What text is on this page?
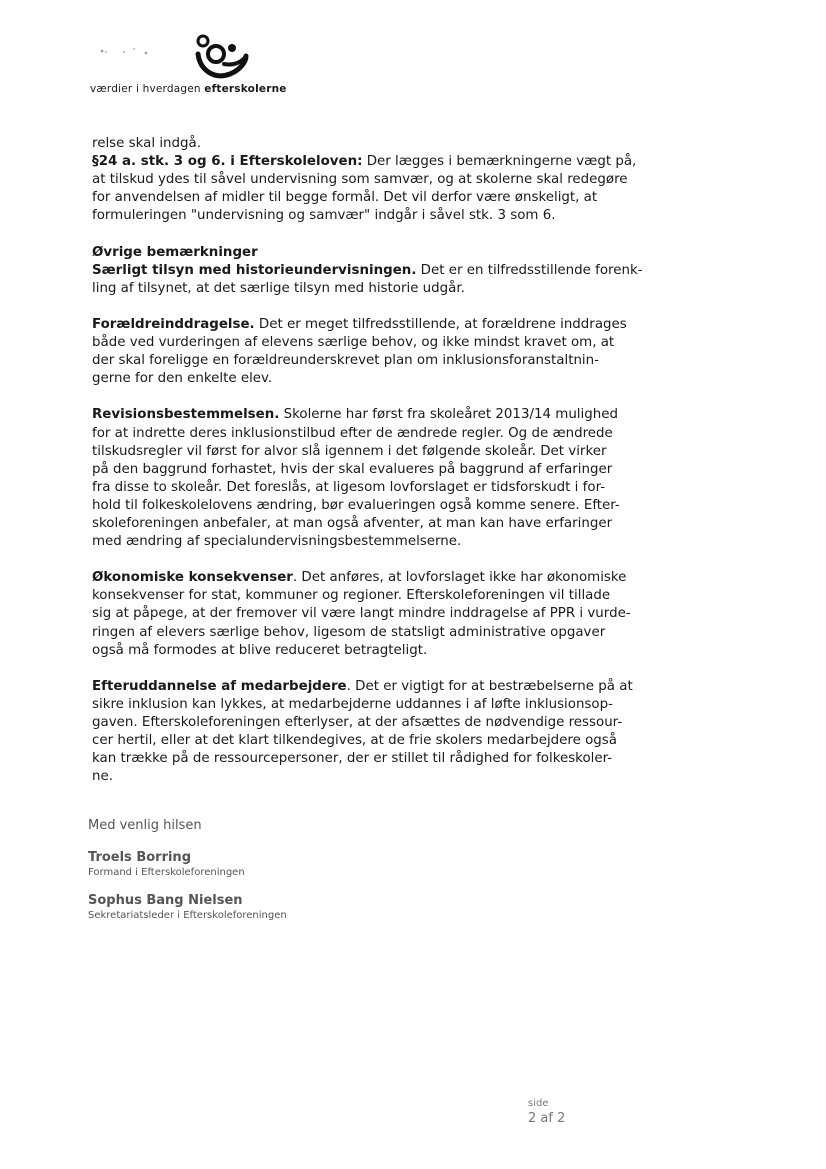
værdier i hverdagen efterskolerne

relse skal indgå.
§24 a. stk. 3 og 6. i Efterskoleloven: Der lægges i bemærkningerne vægt på,
at tilskud ydes til såvel undervisning som samvær, og at skolerne skal redegøre
for anvendelsen af midler til begge formål. Det vil derfor være ønskeligt, at
formuleringen "undervisning og samvær" indgår i såvel stk. 3 som 6.

Øvrige bemærkninger
Særligt tilsyn med historieundervisningen. Det er en tilfredsstillende forenk-
ling af tilsynet, at det særlige tilsyn med historie udgår.

Forældreinddragelse. Det er meget tilfredsstillende, at forældrene inddrages
både ved vurderingen af elevens særlige behov, og ikke mindst kravet om, at
der skal foreligge en forældreunderskrevet plan om inklusionsforanstaltnin-
gerne for den enkelte elev.

Revisionsbestemmelsen. Skolerne har først fra skoleåret 2013/14 mulighed
for at indrette deres inklusionstilbud efter de ændrede regler. Og de ændrede
tilskudsregler vil først for alvor slå igennem i det følgende skoleår. Det virker
på den baggrund forhastet, hvis der skal evalueres på baggrund af erfaringer
fra disse to skoleår. Det foreslås, at ligesom lovforslaget er tidsforskudt i for-
hold til folkeskolelovens ændring, bør evalueringen også komme senere. Efter-
skoleforeningen anbefaler, at man også afventer, at man kan have erfaringer
med ændring af specialundervisningsbestemmelserne.

Økonomiske konsekvenser. Det anføres, at lovforslaget ikke har økonomiske
konsekvenser for stat, kommuner og regioner. Efterskoleforeningen vil tillade
sig at påpege, at der fremover vil være langt mindre inddragelse af PPR i vurde-
ringen af elevers særlige behov, ligesom de statsligt administrative opgaver
også må formodes at blive reduceret betragteligt.

Efteruddannelse af medarbejdere. Det er vigtigt for at bestræbelserne på at
sikre inklusion kan lykkes, at medarbejderne uddannes i af løfte inklusionsop-
gaven. Efterskoleforeningen efterlyser, at der afsættes de nødvendige ressour-
cer hertil, eller at det klart tilkendegives, at de frie skolers medarbejdere også
kan trække på de ressourcepersoner, der er stillet til rådighed for folkeskoler-
ne.

Med venlig hilsen
Troels Borring
Formand i Efterskoleforeningen
Sophus Bang Nielsen
Sekretariatsleder i Efterskoleforeningen
side
2 af 2
